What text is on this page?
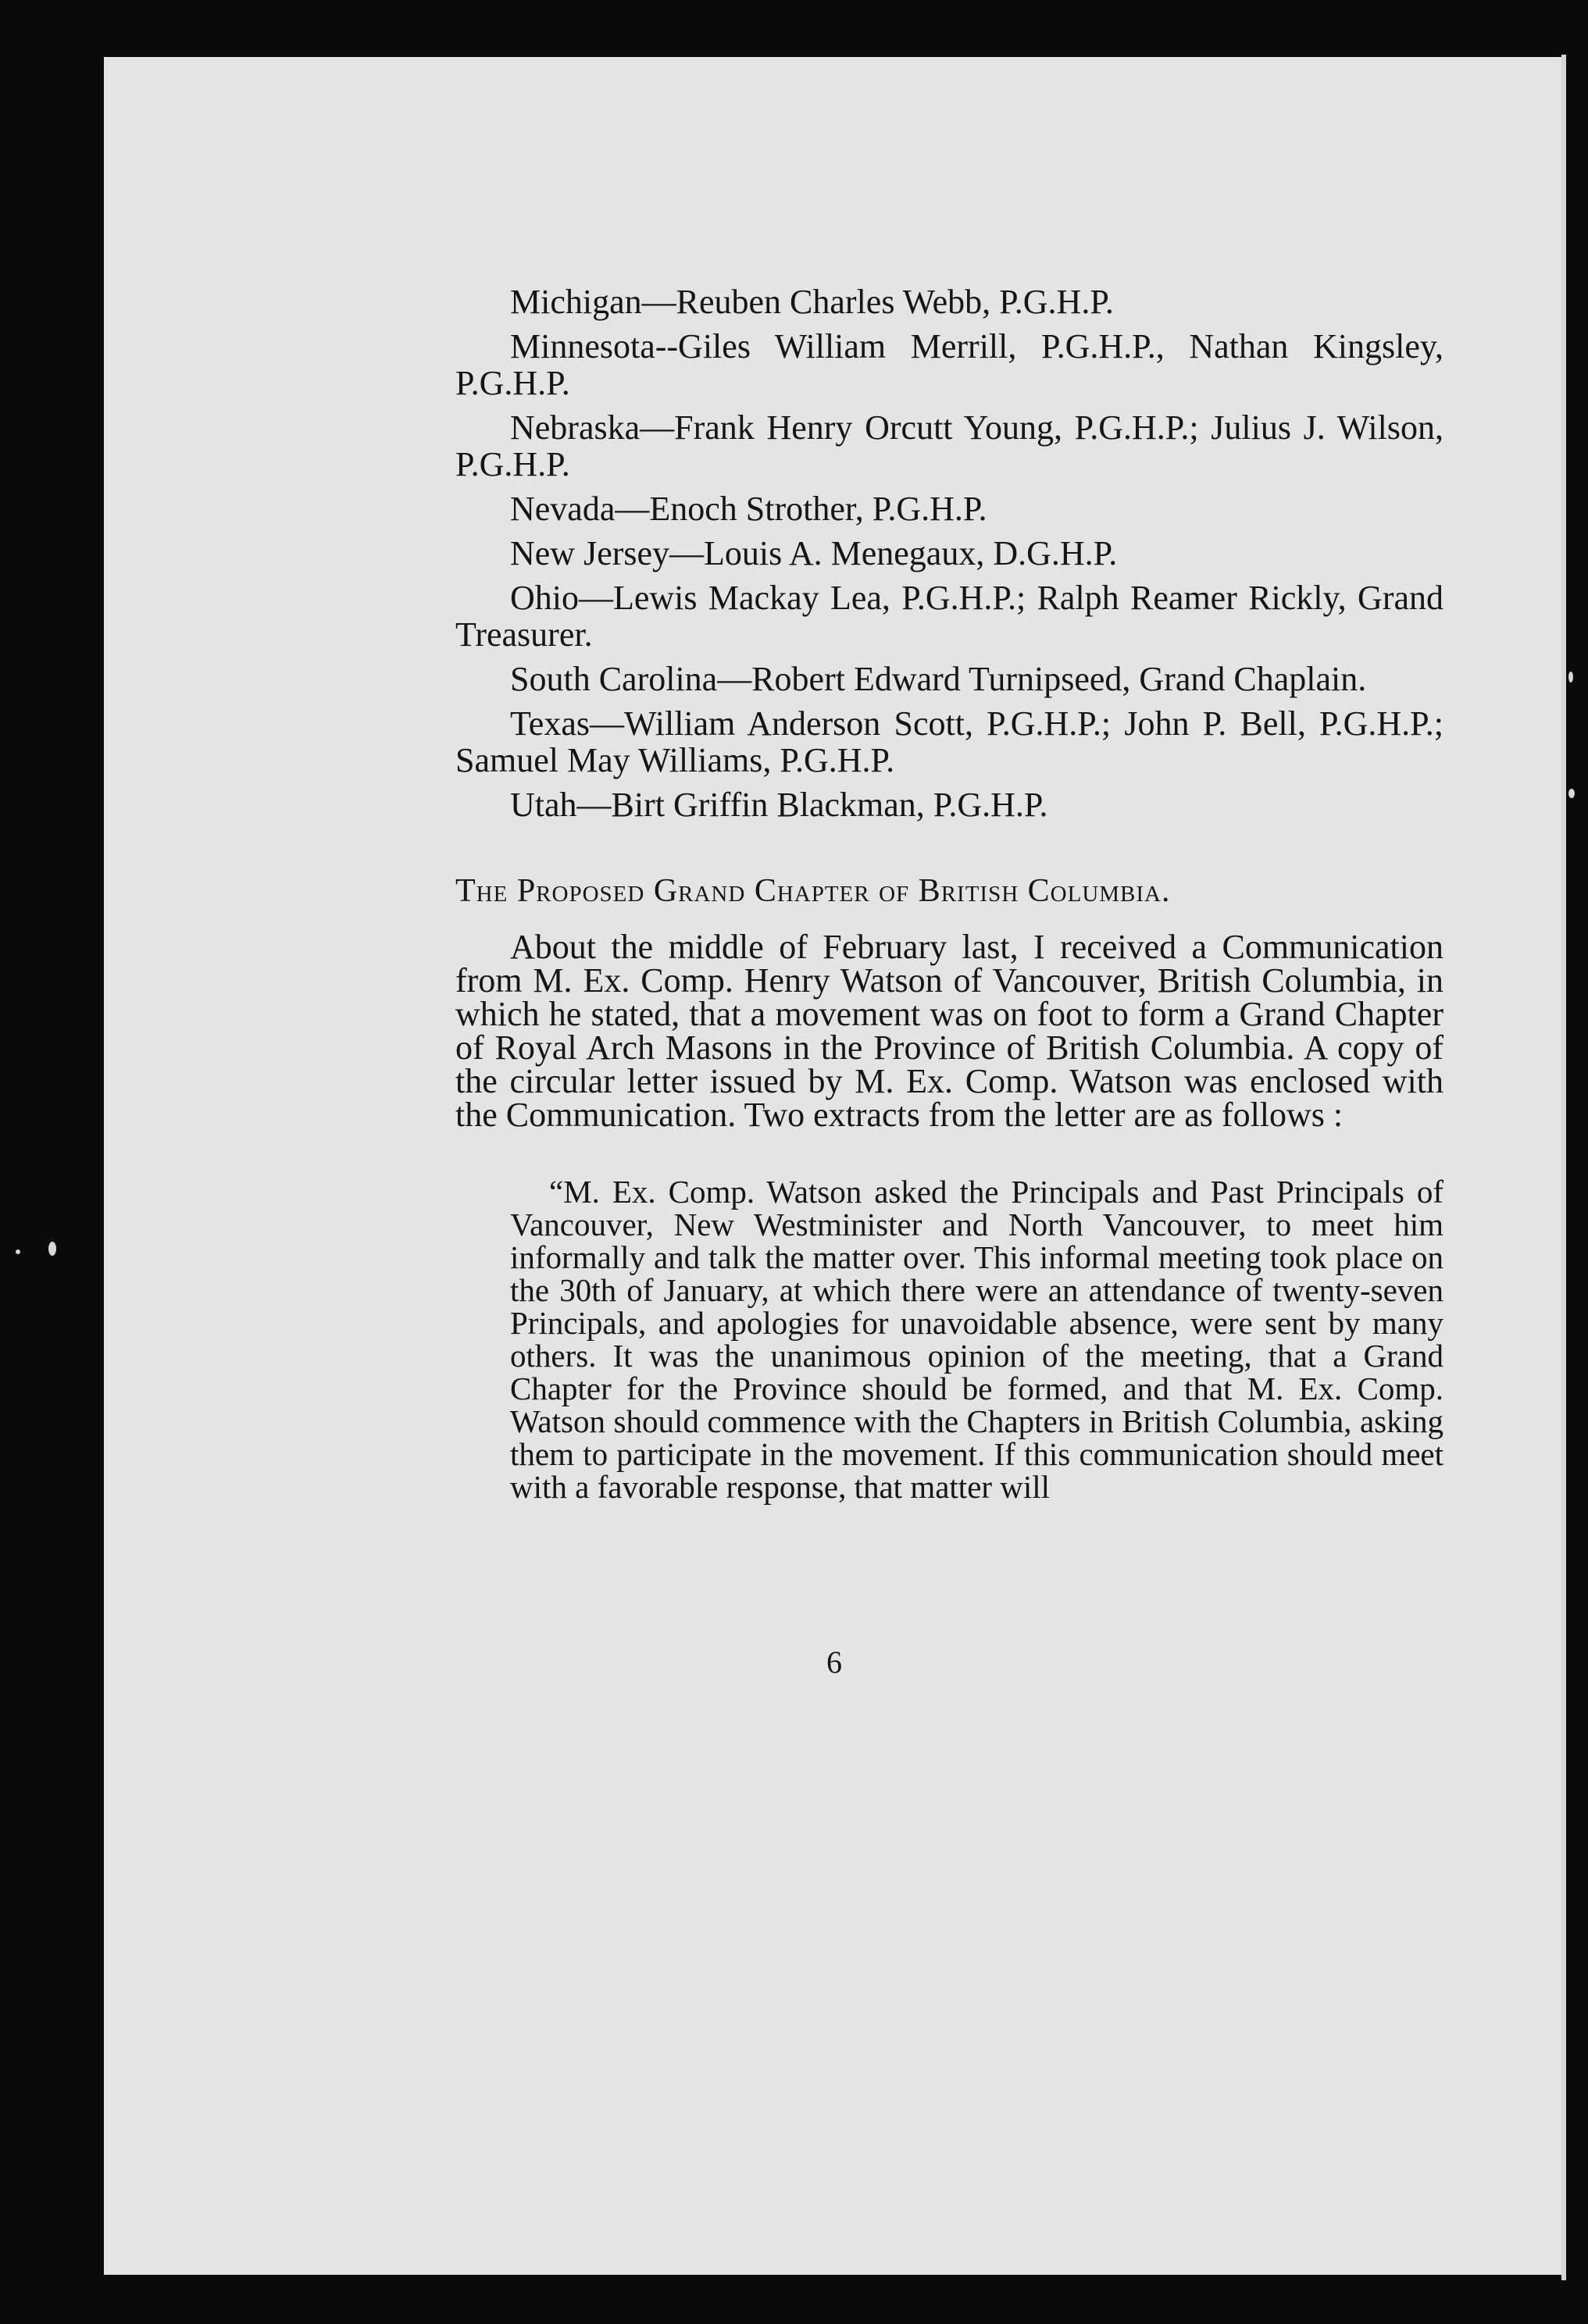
Michigan—Reuben Charles Webb, P.G.H.P.

Minnesota--Giles William Merrill, P.G.H.P., Nathan Kingsley, P.G.H.P.

Nebraska—Frank Henry Orcutt Young, P.G.H.P.; Julius J. Wilson, P.G.H.P.

Nevada—Enoch Strother, P.G.H.P.

New Jersey—Louis A. Menegaux, D.G.H.P.

Ohio—Lewis Mackay Lea, P.G.H.P.; Ralph Reamer Rickly, Grand Treasurer.

South Carolina—Robert Edward Turnipseed, Grand Chaplain.

Texas—William Anderson Scott, P.G.H.P.; John P. Bell, P.G.H.P.; Samuel May Williams, P.G.H.P.

Utah—Birt Griffin Blackman, P.G.H.P.

The Proposed Grand Chapter of British Columbia.

About the middle of February last, I received a Communication from M. Ex. Comp. Henry Watson of Vancouver, British Columbia, in which he stated, that a movement was on foot to form a Grand Chapter of Royal Arch Masons in the Province of British Columbia. A copy of the circular letter issued by M. Ex. Comp. Watson was enclosed with the Communication. Two extracts from the letter are as follows :

“M. Ex. Comp. Watson asked the Principals and Past Principals of Vancouver, New Westminister and North Vancouver, to meet him informally and talk the matter over. This informal meeting took place on the 30th of January, at which there were an attendance of twenty-seven Principals, and apologies for unavoidable absence, were sent by many others. It was the unanimous opinion of the meeting, that a Grand Chapter for the Province should be formed, and that M. Ex. Comp. Watson should commence with the Chapters in British Columbia, asking them to participate in the movement. If this communication should meet with a favorable response, that matter will

6
